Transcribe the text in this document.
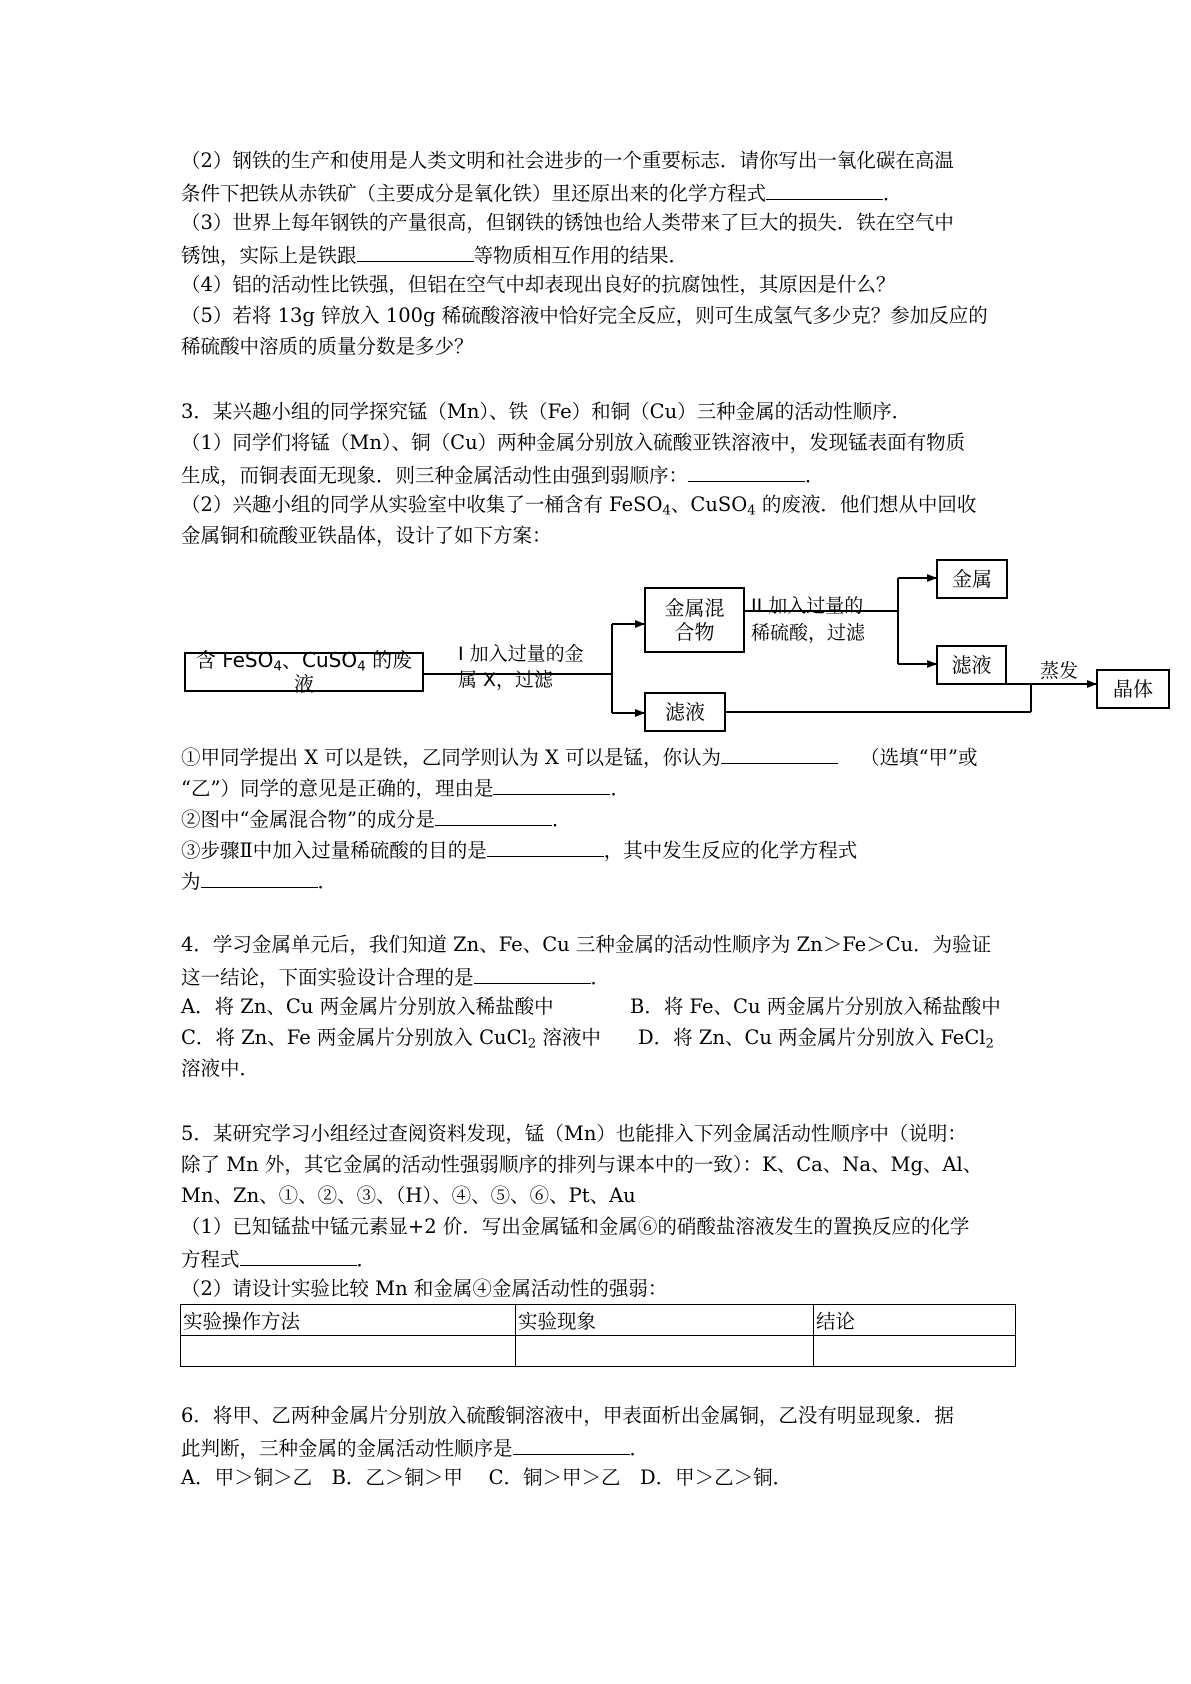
（2）钢铁的生产和使用是人类文明和社会进步的一个重要标志．请你写出一氧化碳在高温
条件下把铁从赤铁矿（主要成分是氧化铁）里还原出来的化学方程式	．
（3）世界上每年钢铁的产量很高，但钢铁的锈蚀也给人类带来了巨大的损失．铁在空气中
锈蚀，实际上是铁跟	等物质相互作用的结果．
（4）铝的活动性比铁强，但铝在空气中却表现出良好的抗腐蚀性，其原因是什么？
（5）若将 13g 锌放入 100g 稀硫酸溶液中恰好完全反应，则可生成氢气多少克？参加反应的
稀硫酸中溶质的质量分数是多少？
3．某兴趣小组的同学探究锰（Mn）、铁（Fe）和铜（Cu）三种金属的活动性顺序．
（1）同学们将锰（Mn）、铜（Cu）两种金属分别放入硫酸亚铁溶液中，发现锰表面有物质
生成，而铜表面无现象．则三种金属活动性由强到弱顺序：	．
（2）兴趣小组的同学从实验室中收集了一桶含有 FeSO$_4$、CuSO$_4$ 的废液．他们想从中回收
金属铜和硫酸亚铁晶体，设计了如下方案：
含 FeSO$_4$、CuSO$_4$ 的废液
I 加入过量的金
属 X，过滤
金属混
合物
II 加入过量的
稀硫酸，过滤
金属
滤液
滤液
蒸发
晶体
①甲同学提出 X 可以是铁，乙同学则认为 X 可以是锰，你认为	（选填“甲”或
“乙”）同学的意见是正确的，理由是	．
②图中“金属混合物”的成分是	．
③步骤Ⅱ中加入过量稀硫酸的目的是	，其中发生反应的化学方程式
为	．
4．学习金属单元后，我们知道 Zn、Fe、Cu 三种金属的活动性顺序为 Zn＞Fe＞Cu．为验证
这一结论，下面实验设计合理的是	．
A．将 Zn、Cu 两金属片分别放入稀盐酸中	B．将 Fe、Cu 两金属片分别放入稀盐酸中
C．将 Zn、Fe 两金属片分别放入 CuCl$_2$ 溶液中 D．将 Zn、Cu 两金属片分别放入 FeCl$_2$
溶液中．
5．某研究学习小组经过查阅资料发现，锰（Mn）也能排入下列金属活动性顺序中（说明：
除了 Mn 外，其它金属的活动性强弱顺序的排列与课本中的一致）：K、Ca、Na、Mg、Al、
Mn、Zn、①、②、③、（H）、④、⑤、⑥、Pt、Au
（1）已知锰盐中锰元素显+2 价．写出金属锰和金属⑥的硝酸盐溶液发生的置换反应的化学
方程式	．
（2）请设计实验比较 Mn 和金属④金属活动性的强弱：
实验操作方法	实验现象	结论

6．将甲、乙两种金属片分别放入硫酸铜溶液中，甲表面析出金属铜，乙没有明显现象．据
此判断，三种金属的金属活动性顺序是	．
A．甲＞铜＞乙　B．乙＞铜＞甲　 C．铜＞甲＞乙　D．甲＞乙＞铜．
